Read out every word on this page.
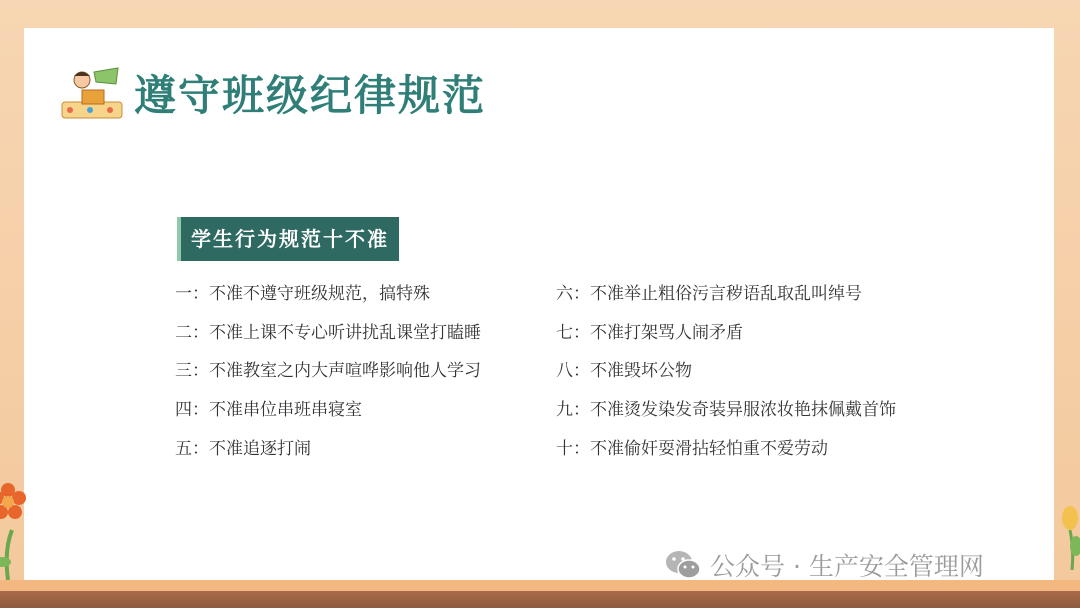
遵守班级纪律规范
学生行为规范十不准
一：不准不遵守班级规范，搞特殊
二：不准上课不专心听讲扰乱课堂打瞌睡
三：不准教室之内大声喧哗影响他人学习
四：不准串位串班串寝室
五：不准追逐打闹
六：不准举止粗俗污言秽语乱取乱叫绰号
七：不准打架骂人闹矛盾
八：不准毁坏公物
九：不准烫发染发奇装异服浓妆艳抹佩戴首饰
十：不准偷奸耍滑拈轻怕重不爱劳动
公众号 · 生产安全管理网
